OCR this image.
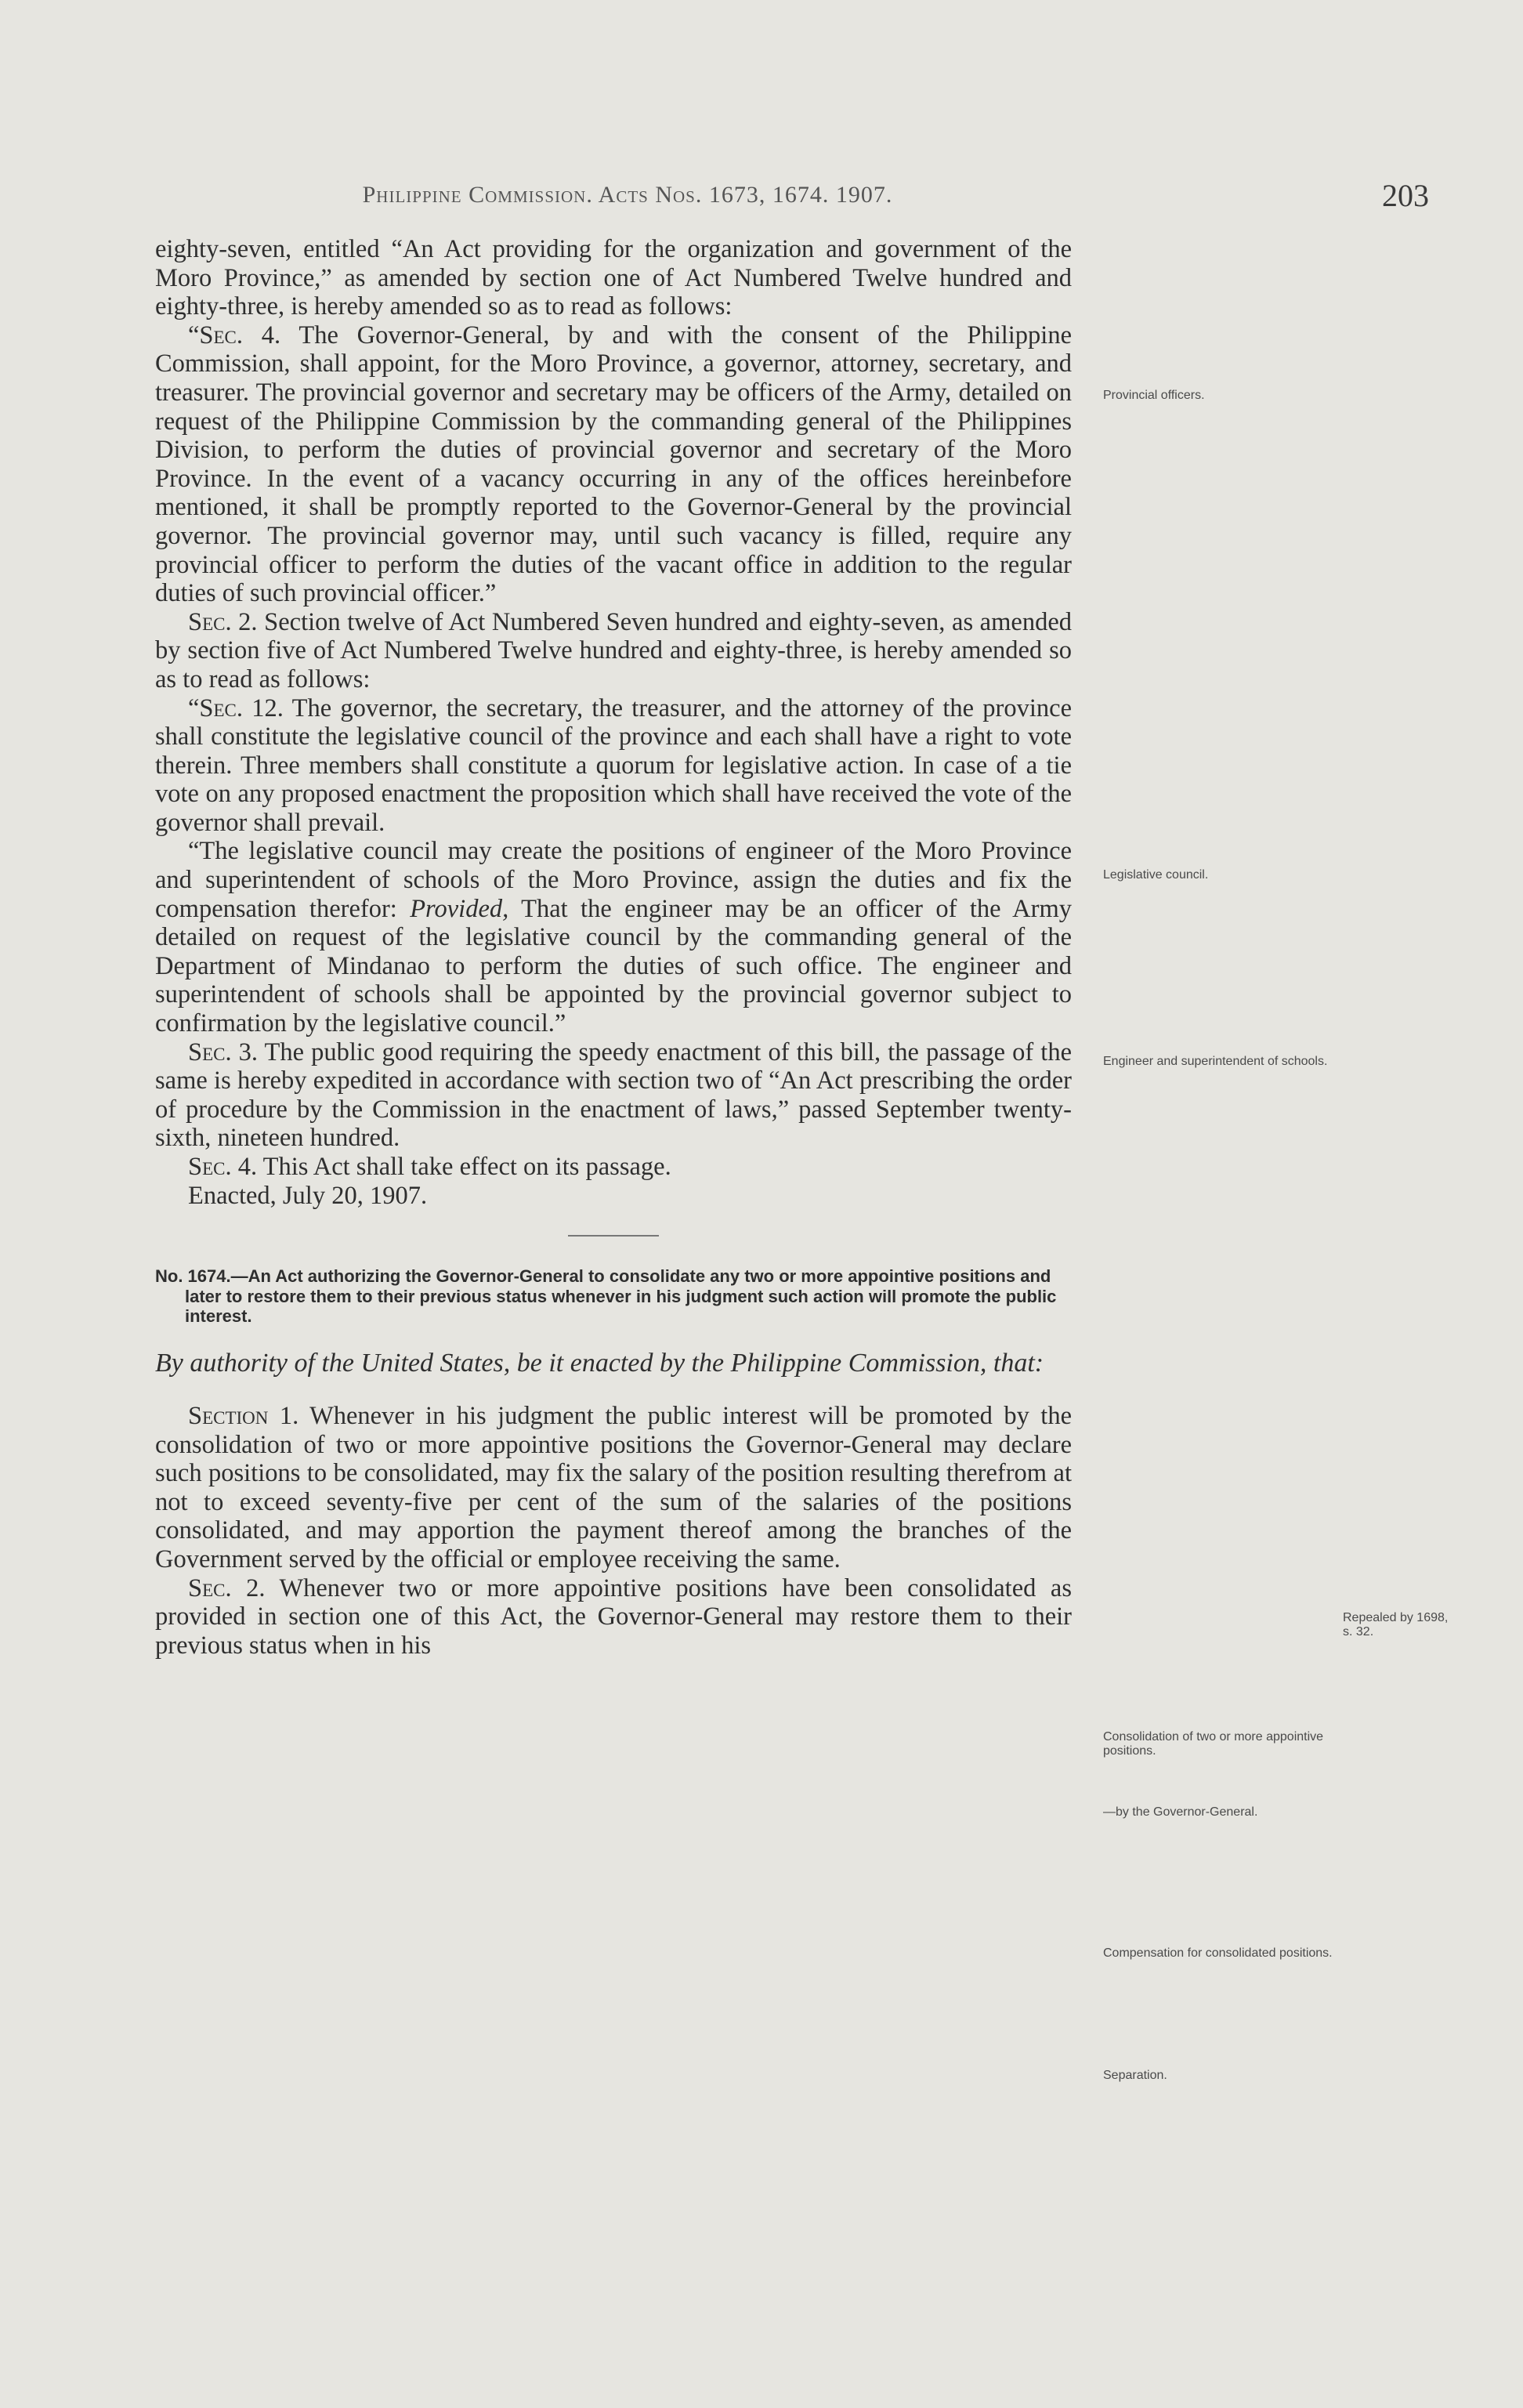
Philippine Commission. Acts Nos. 1673, 1674. 1907.	203

eighty-seven, entitled “An Act providing for the organization and government of the Moro Province,” as amended by section one of Act Numbered Twelve hundred and eighty-three, is hereby amended so as to read as follows:

“Sec. 4. The Governor-General, by and with the consent of the Philippine Commission, shall appoint, for the Moro Province, a governor, attorney, secretary, and treasurer. The provincial governor and secretary may be officers of the Army, detailed on request of the Philippine Commission by the commanding general of the Philippines Division, to perform the duties of provincial governor and secretary of the Moro Province. In the event of a vacancy occurring in any of the offices hereinbefore mentioned, it shall be promptly reported to the Governor-General by the provincial governor. The provincial governor may, until such vacancy is filled, require any provincial officer to perform the duties of the vacant office in addition to the regular duties of such provincial officer.”

Sec. 2. Section twelve of Act Numbered Seven hundred and eighty-seven, as amended by section five of Act Numbered Twelve hundred and eighty-three, is hereby amended so as to read as follows:

“Sec. 12. The governor, the secretary, the treasurer, and the attorney of the province shall constitute the legislative council of the province and each shall have a right to vote therein. Three members shall constitute a quorum for legislative action. In case of a tie vote on any proposed enactment the proposition which shall have received the vote of the governor shall prevail.

“The legislative council may create the positions of engineer of the Moro Province and superintendent of schools of the Moro Province, assign the duties and fix the compensation therefor: Provided, That the engineer may be an officer of the Army detailed on request of the legislative council by the commanding general of the Department of Mindanao to perform the duties of such office. The engineer and superintendent of schools shall be appointed by the provincial governor subject to confirmation by the legislative council.”

Sec. 3. The public good requiring the speedy enactment of this bill, the passage of the same is hereby expedited in accordance with section two of “An Act prescribing the order of procedure by the Commission in the enactment of laws,” passed September twenty-sixth, nineteen hundred.

Sec. 4. This Act shall take effect on its passage.

Enacted, July 20, 1907.

No. 1674.—An Act authorizing the Governor-General to consolidate any two or more appointive positions and later to restore them to their previous status whenever in his judgment such action will promote the public interest.

By authority of the United States, be it enacted by the Philippine Commission, that:

Section 1. Whenever in his judgment the public interest will be promoted by the consolidation of two or more appointive positions the Governor-General may declare such positions to be consolidated, may fix the salary of the position resulting therefrom at not to exceed seventy-five per cent of the sum of the salaries of the positions consolidated, and may apportion the payment thereof among the branches of the Government served by the official or employee receiving the same.

Sec. 2. Whenever two or more appointive positions have been consolidated as provided in section one of this Act, the Governor-General may restore them to their previous status when in his

Provincial officers.
Legislative council.
Engineer and superintendent of schools.
Repealed by 1698, s. 32.
Consolidation of two or more appointive positions.
—by the Governor-General.
Compensation for consolidated positions.
Separation.
